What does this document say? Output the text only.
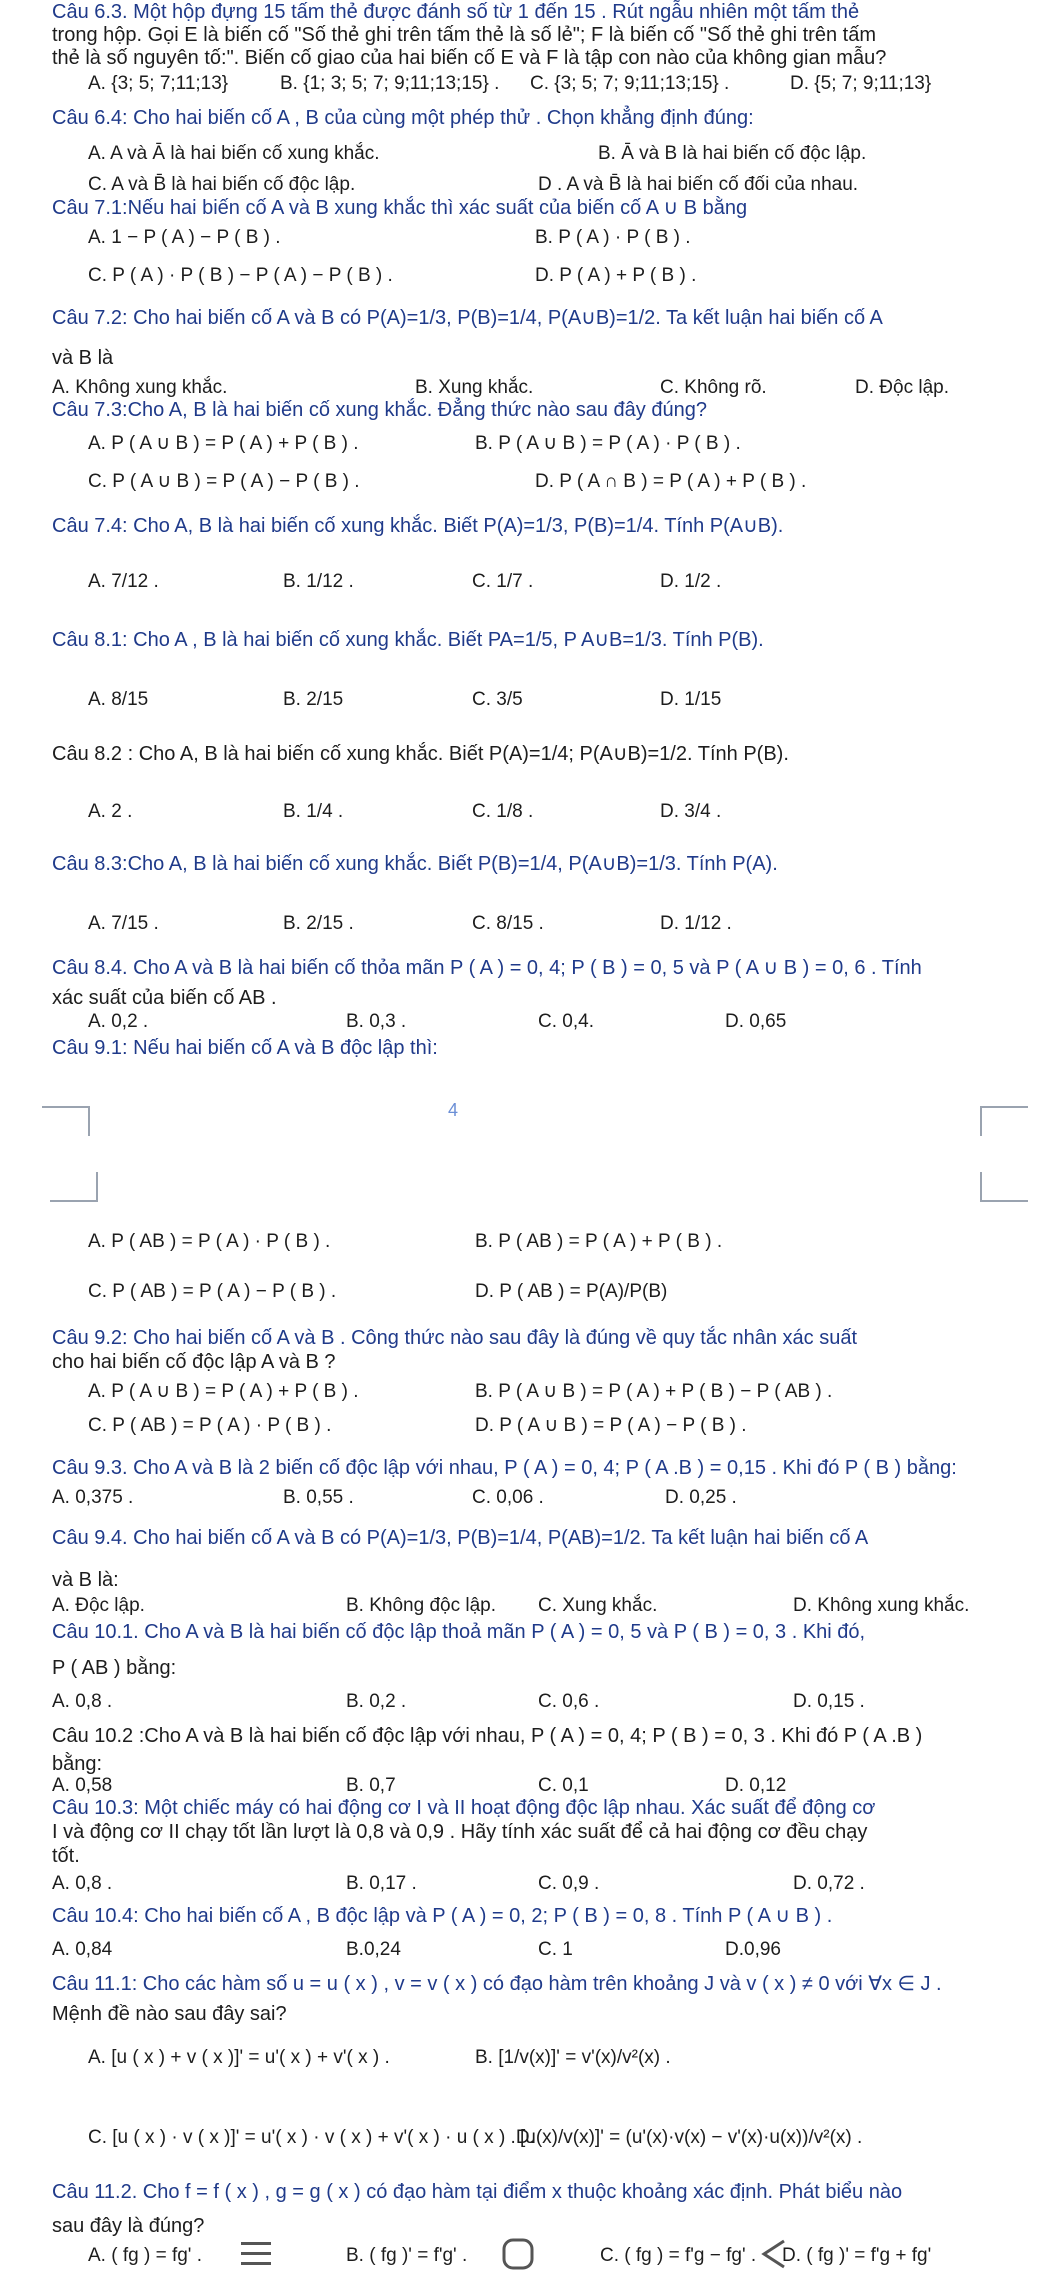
Câu 6.3. Một hộp đựng 15 tấm thẻ được đánh số từ 1 đến 15 . Rút ngẫu nhiên một tấm thẻ
trong hộp. Gọi E là biến cố "Số thẻ ghi trên tấm thẻ là số lẻ"; F là biến cố "Số thẻ ghi trên tấm
thẻ là số nguyên tố:". Biến cố giao của hai biến cố E và F là tập con nào của không gian mẫu?
A. {3; 5; 7;11;13}	B. {1; 3; 5; 7; 9;11;13;15} . C. {3; 5; 7; 9;11;13;15} .	D. {5; 7; 9;11;13}
Câu 6.4: Cho hai biến cố A , B của cùng một phép thử . Chọn khẳng định đúng:
A. A và Ā là hai biến cố xung khắc.	B. Ā và B là hai biến cố độc lập.
C. A và B̄ là hai biến cố độc lập.	D . A và B̄ là hai biến cố đối của nhau.
Câu 7.1:Nếu hai biến cố A và B xung khắc thì xác suất của biến cố A ∪ B bằng
A. 1 − P ( A ) − P ( B ) .	B. P ( A ) · P ( B ) .
C. P ( A ) · P ( B ) − P ( A ) − P ( B ) .	D. P ( A ) + P ( B ) .
Câu 7.2: Cho hai biến cố A và B có P(A)=1/3, P(B)=1/4, P(A∪B)=1/2. Ta kết luận hai biến cố A
và B là
A. Không xung khắc.	B. Xung khắc.	C. Không rõ.	D. Độc lập.
Câu 7.3:Cho A, B là hai biến cố xung khắc. Đẳng thức nào sau đây đúng?
A. P ( A ∪ B ) = P ( A ) + P ( B ) .	B. P ( A ∪ B ) = P ( A ) · P ( B ) .
C. P ( A ∪ B ) = P ( A ) − P ( B ) .	D. P ( A ∩ B ) = P ( A ) + P ( B ) .
Câu 7.4: Cho A, B là hai biến cố xung khắc. Biết P(A)=1/3, P(B)=1/4. Tính P(A∪B).
A. 7/12 .	B. 1/12 .	C. 1/7 .	D. 1/2 .
Câu 8.1: Cho A , B là hai biến cố xung khắc. Biết PA=1/5, P A∪B=1/3. Tính P(B).
A. 8/15	B. 2/15	C. 3/5	D. 1/15
Câu 8.2 : Cho A, B là hai biến cố xung khắc. Biết P(A)=1/4; P(A∪B)=1/2. Tính P(B).
A. 2 .	B. 1/4 .	C. 1/8 .	D. 3/4 .
Câu 8.3:Cho A, B là hai biến cố xung khắc. Biết P(B)=1/4, P(A∪B)=1/3. Tính P(A).
A. 7/15 .	B. 2/15 .	C. 8/15 .	D. 1/12 .
Câu 8.4. Cho A và B là hai biến cố thỏa mãn P ( A ) = 0, 4; P ( B ) = 0, 5 và P ( A ∪ B ) = 0, 6 . Tính
xác suất của biến cố AB .
A. 0,2 .	B. 0,3 .	C. 0,4.	D. 0,65
Câu 9.1: Nếu hai biến cố A và B độc lập thì:
4
A. P ( AB ) = P ( A ) · P ( B ) .	B. P ( AB ) = P ( A ) + P ( B ) .
C. P ( AB ) = P ( A ) − P ( B ) .	D. P ( AB ) = P(A)/P(B)
Câu 9.2: Cho hai biến cố A và B . Công thức nào sau đây là đúng về quy tắc nhân xác suất
cho hai biến cố độc lập A và B ?
A. P ( A ∪ B ) = P ( A ) + P ( B ) .	B. P ( A ∪ B ) = P ( A ) + P ( B ) − P ( AB ) .
C. P ( AB ) = P ( A ) · P ( B ) .	D. P ( A ∪ B ) = P ( A ) − P ( B ) .
Câu 9.3. Cho A và B là 2 biến cố độc lập với nhau, P ( A ) = 0, 4; P ( A .B ) = 0,15 . Khi đó P ( B ) bằng:
A. 0,375 .	B. 0,55 .	C. 0,06 .	D. 0,25 .
Câu 9.4. Cho hai biến cố A và B có P(A)=1/3, P(B)=1/4, P(AB)=1/2. Ta kết luận hai biến cố A
và B là:
A. Độc lập.	B. Không độc lập. C. Xung khắc.	D. Không xung khắc.
Câu 10.1. Cho A và B là hai biến cố độc lập thoả mãn P ( A ) = 0, 5 và P ( B ) = 0, 3 . Khi đó,
P ( AB ) bằng:
A. 0,8 .	B. 0,2 .	C. 0,6 .	D. 0,15 .
Câu 10.2 :Cho A và B là hai biến cố độc lập với nhau, P ( A ) = 0, 4; P ( B ) = 0, 3 . Khi đó P ( A .B )
bằng:
A. 0,58	B. 0,7	C. 0,1	D. 0,12
Câu 10.3: Một chiếc máy có hai động cơ I và II hoạt động độc lập nhau. Xác suất để động cơ
I và động cơ II chạy tốt lần lượt là 0,8 và 0,9 . Hãy tính xác suất để cả hai động cơ đều chạy
tốt.
A. 0,8 .	B. 0,17 .	C. 0,9 .	D. 0,72 .
Câu 10.4: Cho hai biến cố A , B độc lập và P ( A ) = 0, 2; P ( B ) = 0, 8 . Tính P ( A ∪ B ) .
A. 0,84	B.0,24	C. 1	D.0,96
Câu 11.1: Cho các hàm số u = u ( x ) , v = v ( x ) có đạo hàm trên khoảng J và v ( x ) ≠ 0 với ∀x ∈ J .
Mệnh đề nào sau đây sai?
A. [u ( x ) + v ( x )]' = u'( x ) + v'( x ) .	B. [1/v(x)]' = v'(x)/v²(x) .
C. [u ( x ) · v ( x )]' = u'( x ) · v ( x ) + v'( x ) · u ( x ) .D.
[u(x)/v(x)]' = (u'(x)·v(x) − v'(x)·u(x))/v²(x) .
Câu 11.2. Cho f = f ( x ) , g = g ( x ) có đạo hàm tại điểm x thuộc khoảng xác định. Phát biểu nào
sau đây là đúng?
A. ( fg ) = fg' .	B. ( fg )' = f'g' .	C. ( fg ) = f'g − fg' . D. ( fg )' = f'g + fg'
